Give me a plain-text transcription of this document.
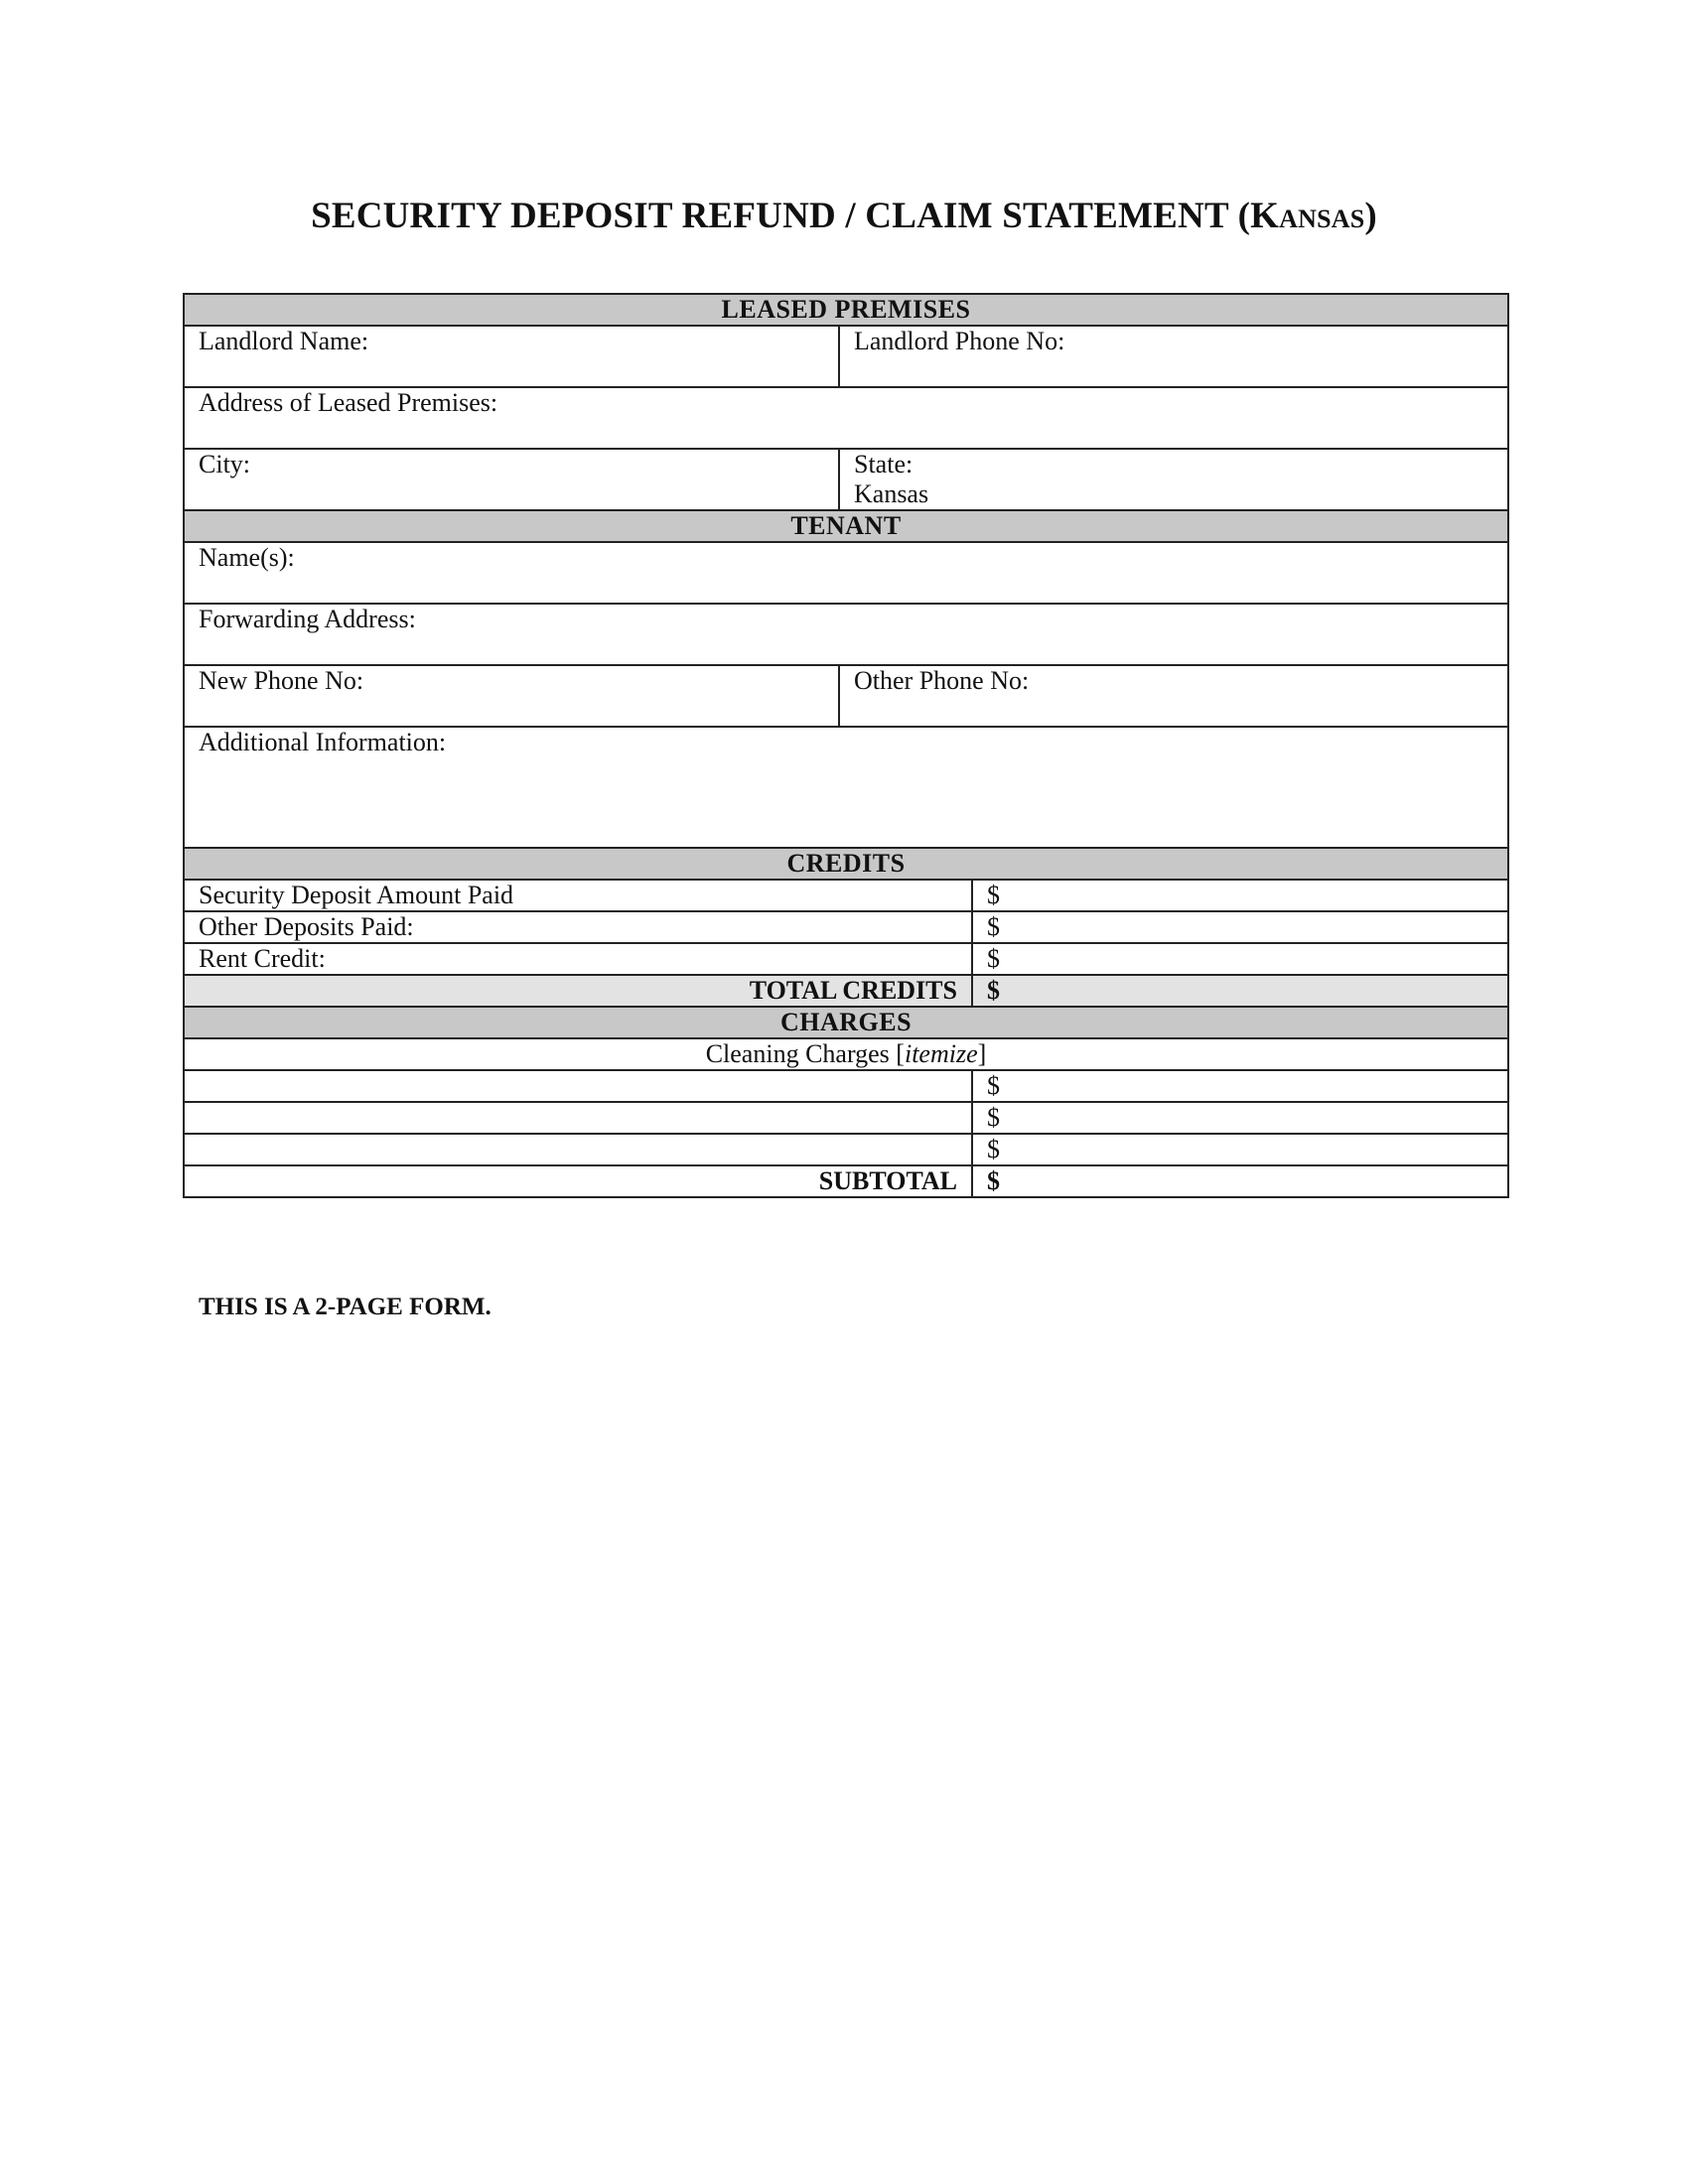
SECURITY DEPOSIT REFUND / CLAIM STATEMENT (Kansas)
LEASED PREMISES		
Landlord Name:	Landlord Phone No:	
Address of Leased Premises:		
City:	State:
Kansas	

TENANT		
Name(s):		
Forwarding Address:		
New Phone No:	Other Phone No:	
Additional Information:		
CREDITS		
Security Deposit Amount Paid		$
Other Deposits Paid:		$
Rent Credit:		$
TOTAL CREDITS		$
CHARGES		
Cleaning Charges [itemize]		
		$
		$
		$
SUBTOTAL		$
THIS IS A 2-PAGE FORM.
